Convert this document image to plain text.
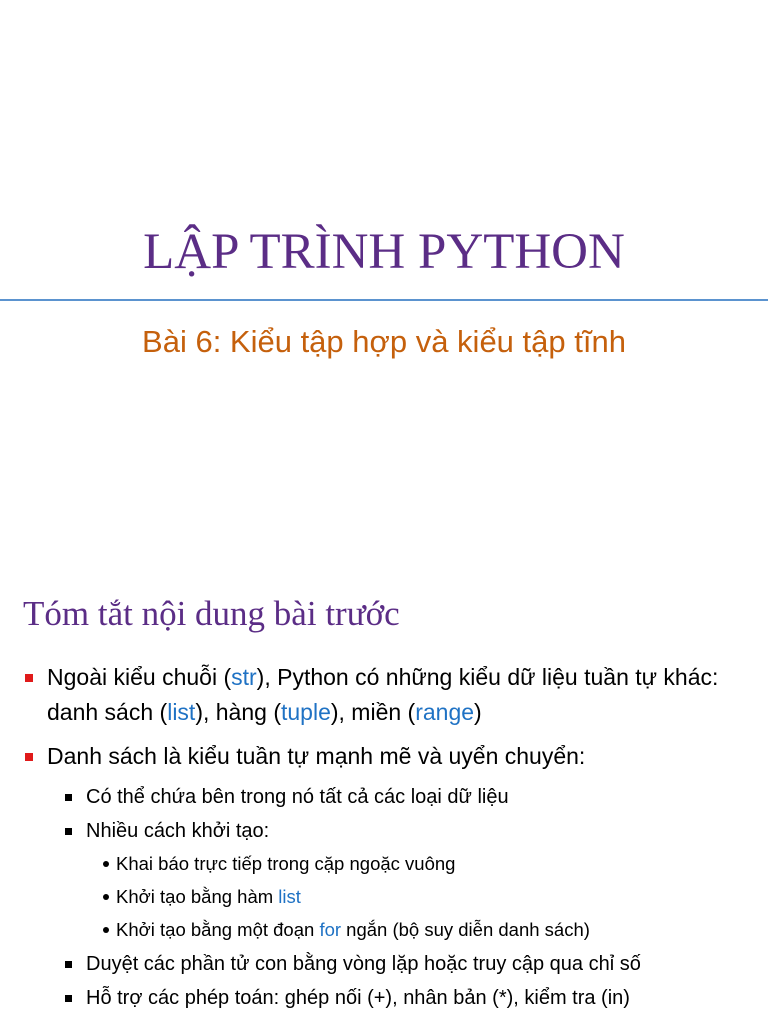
LẬP TRÌNH PYTHON
Bài 6: Kiểu tập hợp và kiểu tập tĩnh
Tóm tắt nội dung bài trước
Ngoài kiểu chuỗi (str), Python có những kiểu dữ liệu tuần tự khác: danh sách (list), hàng (tuple), miền (range)
Danh sách là kiểu tuần tự mạnh mẽ và uyển chuyển:
Có thể chứa bên trong nó tất cả các loại dữ liệu
Nhiều cách khởi tạo:
Khai báo trực tiếp trong cặp ngoặc vuông
Khởi tạo bằng hàm list
Khởi tạo bằng một đoạn for ngắn (bộ suy diễn danh sách)
Duyệt các phần tử con bằng vòng lặp hoặc truy cập qua chỉ số
Hỗ trợ các phép toán: ghép nối (+), nhân bản (*), kiểm tra (in)
